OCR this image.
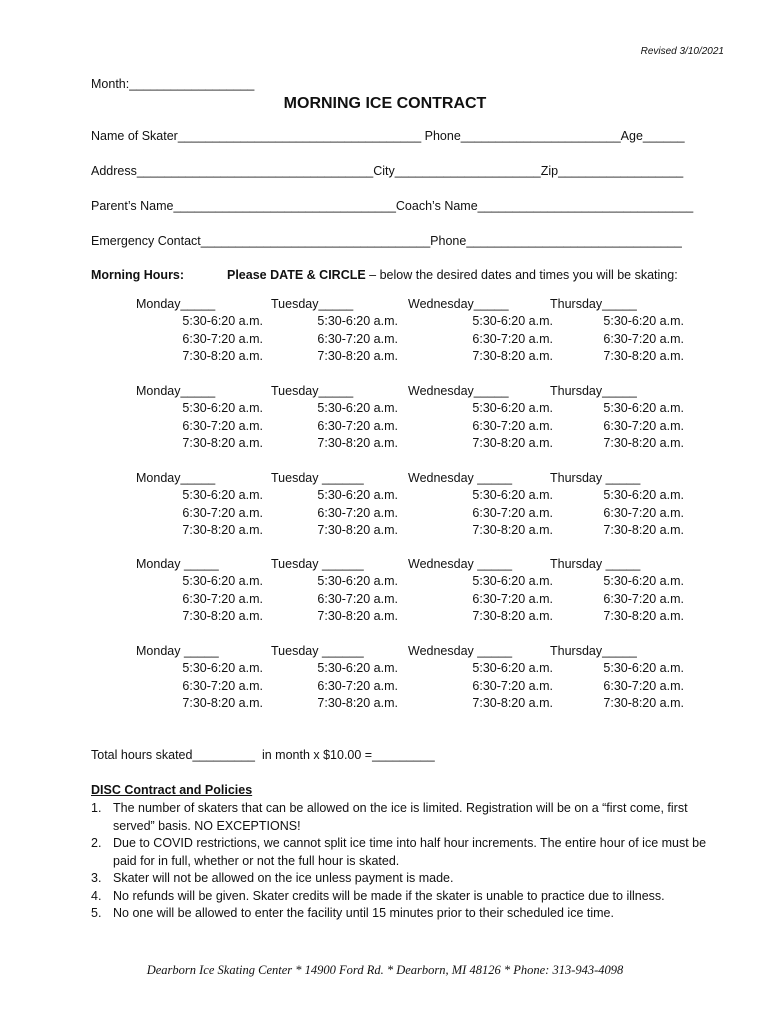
Revised 3/10/2021
Month:__________________
MORNING ICE CONTRACT
Name of Skater___________________________________ Phone_______________________Age______
Address__________________________________City_____________________Zip__________________
Parent’s Name________________________________Coach’s Name_______________________________
Emergency Contact_________________________________Phone_______________________________
Morning Hours:	Please DATE & CIRCLE – below the desired dates and times you will be skating:
Monday_____
5:30-6:20 a.m.
6:30-7:20 a.m.
7:30-8:20 a.m.
Tuesday_____
5:30-6:20 a.m.
6:30-7:20 a.m.
7:30-8:20 a.m.
Wednesday_____
5:30-6:20 a.m.
6:30-7:20 a.m.
7:30-8:20 a.m.
Thursday_____
5:30-6:20 a.m.
6:30-7:20 a.m.
7:30-8:20 a.m.
Monday_____
5:30-6:20 a.m.
6:30-7:20 a.m.
7:30-8:20 a.m.
Tuesday_____
5:30-6:20 a.m.
6:30-7:20 a.m.
7:30-8:20 a.m.
Wednesday_____
5:30-6:20 a.m.
6:30-7:20 a.m.
7:30-8:20 a.m.
Thursday_____
5:30-6:20 a.m.
6:30-7:20 a.m.
7:30-8:20 a.m.
Monday_____
5:30-6:20 a.m.
6:30-7:20 a.m.
7:30-8:20 a.m.
Tuesday ______
5:30-6:20 a.m.
6:30-7:20 a.m.
7:30-8:20 a.m.
Wednesday _____
5:30-6:20 a.m.
6:30-7:20 a.m.
7:30-8:20 a.m.
Thursday _____
5:30-6:20 a.m.
6:30-7:20 a.m.
7:30-8:20 a.m.
Monday _____
5:30-6:20 a.m.
6:30-7:20 a.m.
7:30-8:20 a.m.
Tuesday ______
5:30-6:20 a.m.
6:30-7:20 a.m.
7:30-8:20 a.m.
Wednesday _____
5:30-6:20 a.m.
6:30-7:20 a.m.
7:30-8:20 a.m.
Thursday _____
5:30-6:20 a.m.
6:30-7:20 a.m.
7:30-8:20 a.m.
Monday _____
5:30-6:20 a.m.
6:30-7:20 a.m.
7:30-8:20 a.m.
Tuesday ______
5:30-6:20 a.m.
6:30-7:20 a.m.
7:30-8:20 a.m.
Wednesday _____
5:30-6:20 a.m.
6:30-7:20 a.m.
7:30-8:20 a.m.
Thursday_____
5:30-6:20 a.m.
6:30-7:20 a.m.
7:30-8:20 a.m.
Total hours skated_________  in month x $10.00 =_________
DISC Contract and Policies
1. The number of skaters that can be allowed on the ice is limited. Registration will be on a “first come, first served” basis. NO EXCEPTIONS!
2. Due to COVID restrictions, we cannot split ice time into half hour increments. The entire hour of ice must be paid for in full, whether or not the full hour is skated.
3. Skater will not be allowed on the ice unless payment is made.
4. No refunds will be given. Skater credits will be made if the skater is unable to practice due to illness.
5. No one will be allowed to enter the facility until 15 minutes prior to their scheduled ice time.
Dearborn Ice Skating Center * 14900 Ford Rd. * Dearborn, MI 48126 * Phone: 313-943-4098
